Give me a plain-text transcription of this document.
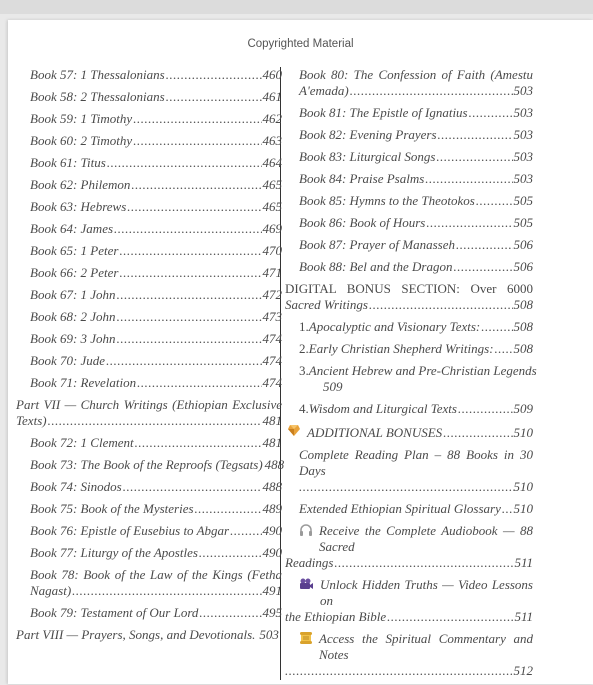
Copyrighted Material
Book 57: 1 Thessalonians .....	460
Book 58: 2 Thessalonians .....	461
Book 59: 1 Timothy .....	462
Book 60: 2 Timothy .....	463
Book 61: Titus .....	464
Book 62: Philemon .....	465
Book 63: Hebrews .....	465
Book 64: James .....	469
Book 65: 1 Peter .....	470
Book 66: 2 Peter .....	471
Book 67: 1 John .....	472
Book 68: 2 John .....	473
Book 69: 3 John .....	474
Book 70: Jude .....	474
Book 71: Revelation .....	474
Part VII — Church Writings (Ethiopian Exclusive
Texts) .....	481
Book 72: 1 Clement .....	481
Book 73: The Book of the Reproofs (Tegsats) 488
Book 74: Sinodos .....	488
Book 75: Book of the Mysteries .....	489
Book 76: Epistle of Eusebius to Abgar .....	490
Book 77: Liturgy of the Apostles .....	490
Book 78: Book of the Law of the Kings (Fetha
Nagast) .....	491
Book 79: Testament of Our Lord .....	495
Part VIII — Prayers, Songs, and Devotionals. 503
Book 80: The Confession of Faith (Amestu
A'emada) .....	503
Book 81: The Epistle of Ignatius .....	503
Book 82: Evening Prayers .....	503
Book 83: Liturgical Songs .....	503
Book 84: Praise Psalms .....	503
Book 85: Hymns to the Theotokos .....	505
Book 86: Book of Hours .....	505
Book 87: Prayer of Manasseh .....	506
Book 88: Bel and the Dragon .....	506
DIGITAL BONUS SECTION: Over 6000
Sacred Writings .....	508
1. Apocalyptic and Visionary Texts: .....	508
2. Early Christian Shepherd Writings: ..... 508
3. Ancient Hebrew and Pre-Christian Legends
509
4. Wisdom and Liturgical Texts .....	509
ADDITIONAL BONUSES .....	510
Complete Reading Plan – 88 Books in 30 Days
.....
510
Extended Ethiopian Spiritual Glossary ..... 510
Receive the Complete Audiobook — 88 Sacred
Readings .....	511
Unlock Hidden Truths — Video Lessons on
the Ethiopian Bible .....	511
Access the Spiritual Commentary and Notes
.....
512
